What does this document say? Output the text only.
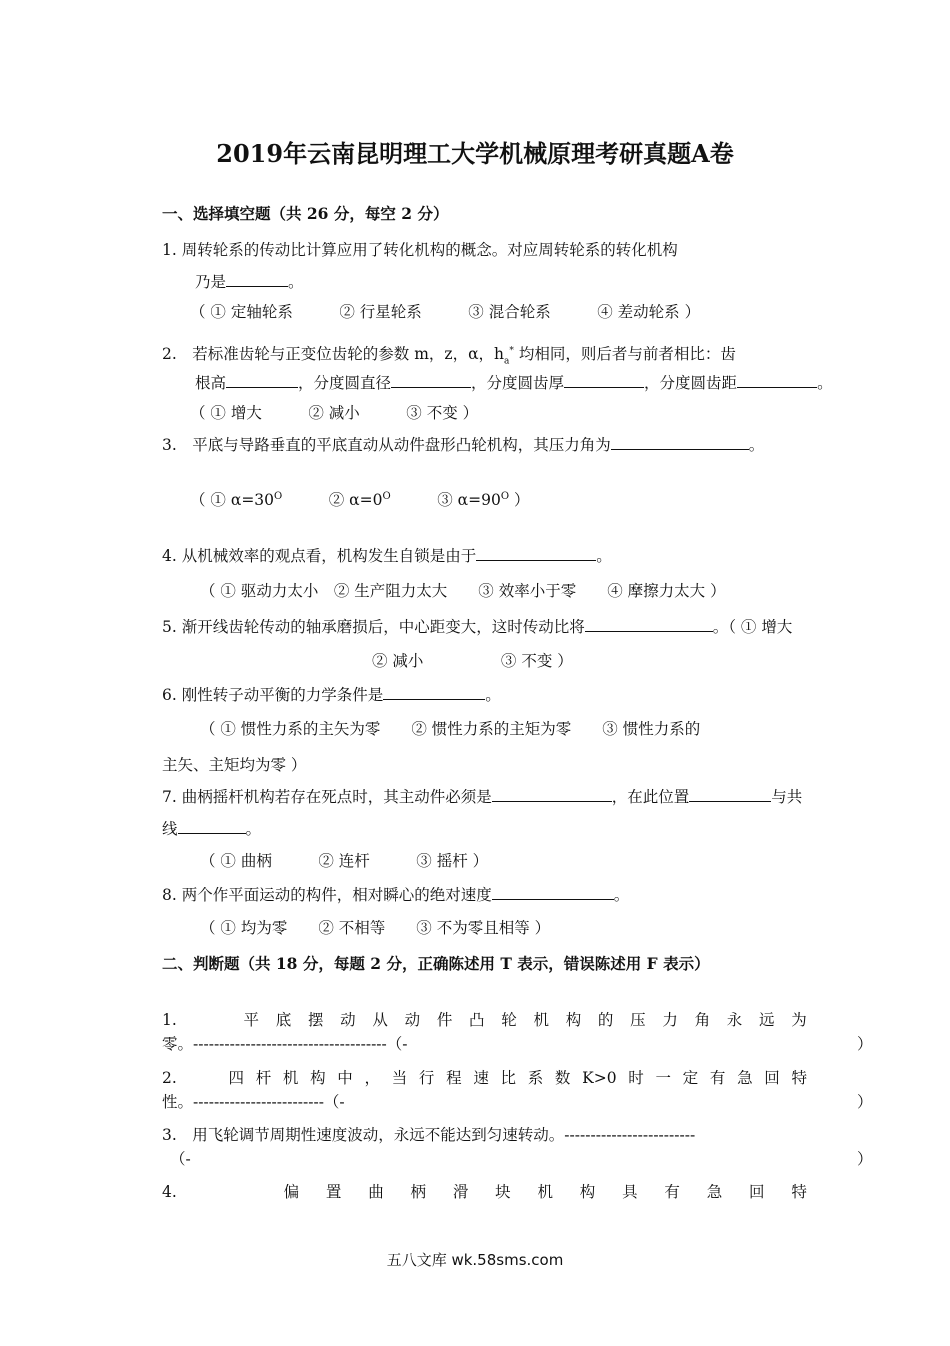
2019年云南昆明理工大学机械原理考研真题A卷
一、选择填空题（共 26 分，每空 2 分）
1. 周转轮系的传动比计算应用了转化机构的概念。对应周转轮系的转化机构
乃是	。
（ ① 定轴轮系　　　② 行星轮系　　　③ 混合轮系　　　④ 差动轮系 ）
2.　若标准齿轮与正变位齿轮的参数 m，z，α，$h_a^*$ 均相同，则后者与前者相比：齿
根高	，分度圆直径	，分度圆齿厚	，分度圆齿距	。
（ ① 增大　　　② 减小　　　③ 不变 ）
3.　平底与导路垂直的平底直动从动件盘形凸轮机构，其压力角为	。
（ ① $\alpha=30^O$　　　② $\alpha=0^O$　　　③ $\alpha=90^O$ ）
4. 从机械效率的观点看，机构发生自锁是由于	。
（ ① 驱动力太小　② 生产阻力太大　　③ 效率小于零　　④ 摩擦力太大 ）
5. 渐开线齿轮传动的轴承磨损后，中心距变大，这时传动比将	。（ ① 增大
② 减小　　　　　③ 不变 ）
6. 刚性转子动平衡的力学条件是	。
（ ① 惯性力系的主矢为零　　② 惯性力系的主矩为零　　③ 惯性力系的
主矢、主矩均为零 ）
7. 曲柄摇杆机构若存在死点时，其主动件必须是	，在此位置	与共
线	。
（ ① 曲柄　　　② 连杆　　　③ 摇杆 ）
8. 两个作平面运动的构件，相对瞬心的绝对速度	。
（ ① 均为零　　② 不相等　　③ 不为零且相等 ）
二、判断题（共 18 分，每题 2 分，正确陈述用 T 表示，错误陈述用 F 表示）
1.	平 底 摆 动 从 动 件 凸 轮 机 构 的 压 力 角 永 远 为
零。-------------------------------------（-	）
2.	四 杆 机 构 中 ， 当 行 程 速 比 系 数 K>0 时 一 定 有 急 回 特
性。-------------------------（-	）
3.　用飞轮调节周期性速度波动，永远不能达到匀速转动。-------------------------
（-	）
4.	偏 置 曲 柄 滑 块 机 构 具 有 急 回 特
五八文库 wk.58sms.com
